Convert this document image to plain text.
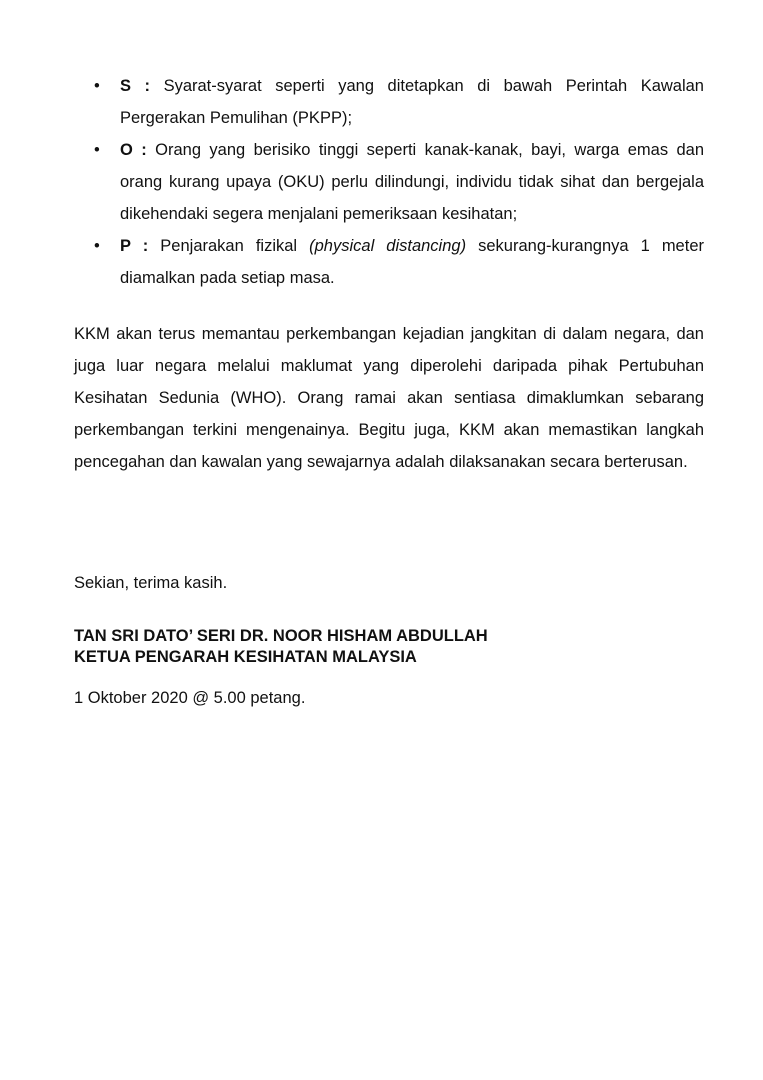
• S : Syarat-syarat seperti yang ditetapkan di bawah Perintah Kawalan Pergerakan Pemulihan (PKPP);
• O : Orang yang berisiko tinggi seperti kanak-kanak, bayi, warga emas dan orang kurang upaya (OKU) perlu dilindungi, individu tidak sihat dan bergejala dikehendaki segera menjalani pemeriksaan kesihatan;
• P : Penjarakan fizikal (physical distancing) sekurang-kurangnya 1 meter diamalkan pada setiap masa.
KKM akan terus memantau perkembangan kejadian jangkitan di dalam negara, dan juga luar negara melalui maklumat yang diperolehi daripada pihak Pertubuhan Kesihatan Sedunia (WHO). Orang ramai akan sentiasa dimaklumkan sebarang perkembangan terkini mengenainya. Begitu juga, KKM akan memastikan langkah pencegahan dan kawalan yang sewajarnya adalah dilaksanakan secara berterusan.
Sekian, terima kasih.
TAN SRI DATO’ SERI DR. NOOR HISHAM ABDULLAH
KETUA PENGARAH KESIHATAN MALAYSIA
1 Oktober 2020 @ 5.00 petang.
